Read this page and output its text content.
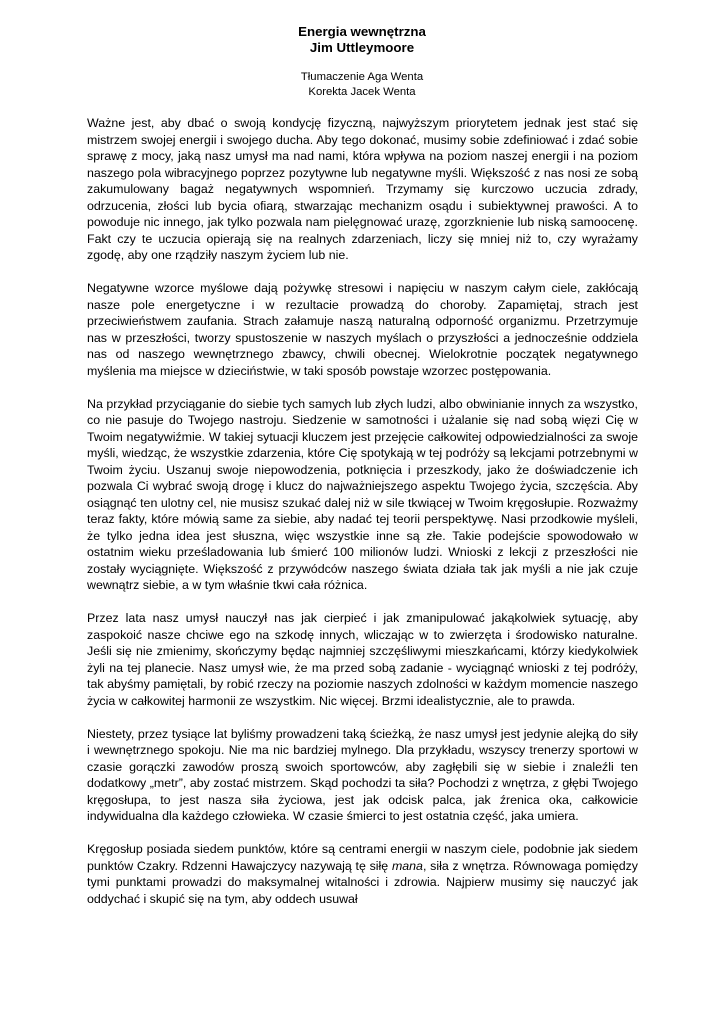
Energia wewnętrzna

Jim Uttleymoore

Tłumaczenie Aga Wenta
Korekta Jacek Wenta

Ważne jest, aby dbać o swoją kondycję fizyczną, najwyższym priorytetem jednak jest stać się mistrzem swojej energii i swojego ducha. Aby tego dokonać, musimy sobie zdefiniować i zdać sobie sprawę z mocy, jaką nasz umysł ma nad nami, która wpływa na poziom naszej energii i na poziom naszego pola wibracyjnego poprzez pozytywne lub negatywne myśli. Większość z nas nosi ze sobą zakumulowany bagaż negatywnych wspomnień. Trzymamy się kurczowo uczucia zdrady, odrzucenia, złości lub bycia ofiarą, stwarzając mechanizm osądu i subiektywnej prawości. A to powoduje nic innego, jak tylko pozwala nam pielęgnować urazę, zgorzknienie lub niską samoocenę. Fakt czy te uczucia opierają się na realnych zdarzeniach, liczy się mniej niż to, czy wyrażamy zgodę, aby one rządziły naszym życiem lub nie.

Negatywne wzorce myślowe dają pożywkę stresowi i napięciu w naszym całym ciele, zakłócają nasze pole energetyczne i w rezultacie prowadzą do choroby. Zapamiętaj, strach jest przeciwieństwem zaufania. Strach załamuje naszą naturalną odporność organizmu. Przetrzymuje nas w przeszłości, tworzy spustoszenie w naszych myślach o przyszłości a jednocześnie oddziela nas od naszego wewnętrznego zbawcy, chwili obecnej. Wielokrotnie początek negatywnego myślenia ma miejsce w dzieciństwie, w taki sposób powstaje wzorzec postępowania.

Na przykład przyciąganie do siebie tych samych lub złych ludzi, albo obwinianie innych za wszystko, co nie pasuje do Twojego nastroju. Siedzenie w samotności i użalanie się nad sobą więzi Cię w Twoim negatywiźmie. W takiej sytuacji kluczem jest przejęcie całkowitej odpowiedzialności za swoje myśli, wiedząc, że wszystkie zdarzenia, które Cię spotykają w tej podróży są lekcjami potrzebnymi w Twoim życiu. Uszanuj swoje niepowodzenia, potknięcia i przeszkody, jako że doświadczenie ich pozwala Ci wybrać swoją drogę i klucz do najważniejszego aspektu Twojego życia, szczęścia. Aby osiągnąć ten ulotny cel, nie musisz szukać dalej niż w sile tkwiącej w Twoim kręgosłupie. Rozważmy teraz fakty, które mówią same za siebie, aby nadać tej teorii perspektywę. Nasi przodkowie myśleli, że tylko jedna idea jest słuszna, więc wszystkie inne są złe. Takie podejście spowodowało w ostatnim wieku prześladowania lub śmierć 100 milionów ludzi. Wnioski z lekcji z przeszłości nie zostały wyciągnięte. Większość z przywódców naszego świata działa tak jak myśli a nie jak czuje wewnątrz siebie, a w tym właśnie tkwi cała różnica.

Przez lata nasz umysł nauczył nas jak cierpieć i jak zmanipulować jakąkolwiek sytuację, aby zaspokoić nasze chciwe ego na szkodę innych, wliczając w to zwierzęta i środowisko naturalne. Jeśli się nie zmienimy, skończymy będąc najmniej szczęśliwymi mieszkańcami, którzy kiedykolwiek żyli na tej planecie. Nasz umysł wie, że ma przed sobą zadanie - wyciągnąć wnioski z tej podróży, tak abyśmy pamiętali, by robić rzeczy na poziomie naszych zdolności w każdym momencie naszego życia w całkowitej harmonii ze wszystkim. Nic więcej. Brzmi idealistycznie, ale to prawda.

Niestety, przez tysiące lat byliśmy prowadzeni taką ścieżką, że nasz umysł jest jedynie alejką do siły i wewnętrznego spokoju. Nie ma nic bardziej mylnego. Dla przykładu, wszyscy trenerzy sportowi w czasie gorączki zawodów proszą swoich sportowców, aby zagłębili się w siebie i znaleźli ten dodatkowy „metr”, aby zostać mistrzem. Skąd pochodzi ta siła? Pochodzi z wnętrza, z głębi Twojego kręgosłupa, to jest nasza siła życiowa, jest jak odcisk palca, jak źrenica oka, całkowicie indywidualna dla każdego człowieka. W czasie śmierci to jest ostatnia część, jaka umiera.

Kręgosłup posiada siedem punktów, które są centrami energii w naszym ciele, podobnie jak siedem punktów Czakry. Rdzenni Hawajczycy nazywają tę siłę mana, siła z wnętrza. Równowaga pomiędzy tymi punktami prowadzi do maksymalnej witalności i zdrowia. Najpierw musimy się nauczyć jak oddychać i skupić się na tym, aby oddech usuwał
